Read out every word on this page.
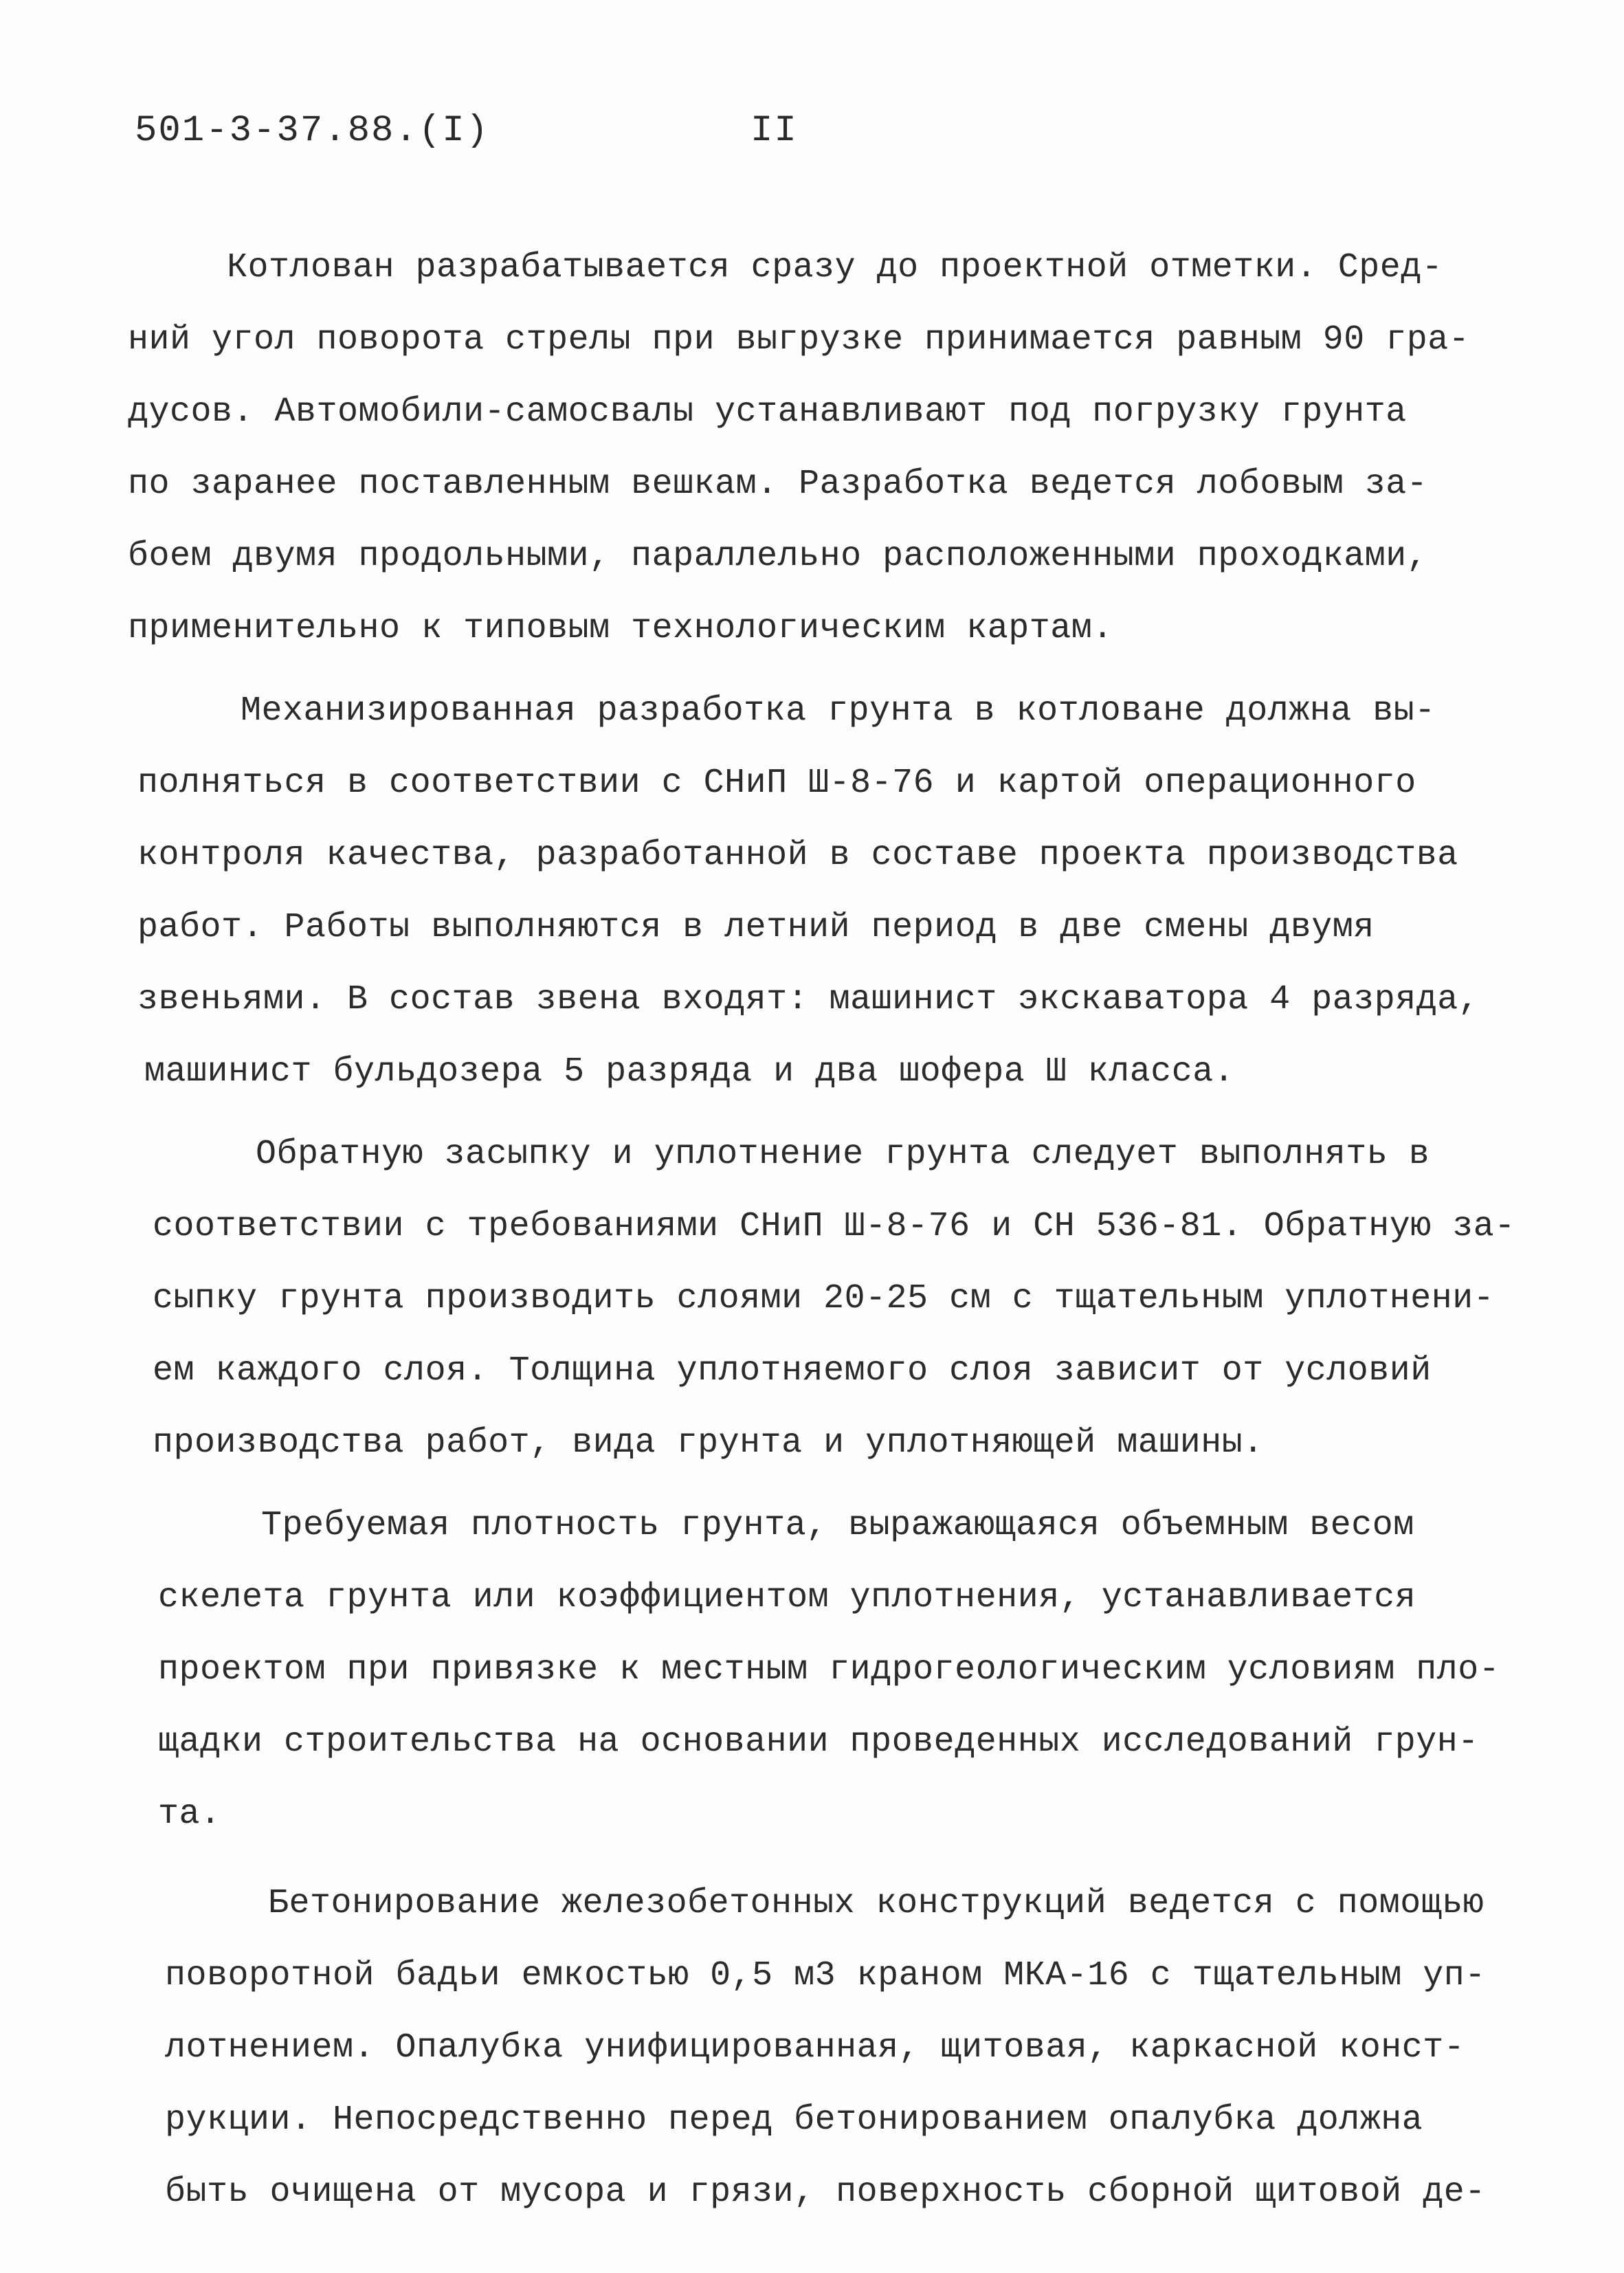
501-3-37.88.(I)	II
Котлован разрабатывается сразу до проектной отметки. Сред-
ний угол поворота стрелы при выгрузке принимается равным 90 гра-
дусов. Автомобили-самосвалы устанавливают под погрузку грунта
по заранее поставленным вешкам. Разработка ведется лобовым за-
боем двумя продольными, параллельно расположенными проходками,
применительно к типовым технологическим картам.
Механизированная разработка грунта в котловане должна вы-
полняться в соответствии с СНиП Ш-8-76 и картой операционного
контроля качества, разработанной в составе проекта производства
работ. Работы выполняются в летний период в две смены двумя
звеньями. В состав звена входят: машинист экскаватора 4 разряда,
машинист бульдозера 5 разряда и два шофера Ш класса.
Обратную засыпку и уплотнение грунта следует выполнять в
соответствии с требованиями СНиП Ш-8-76 и СН 536-81. Обратную за-
сыпку грунта производить слоями 20-25 см с тщательным уплотнени-
ем каждого слоя. Толщина уплотняемого слоя зависит от условий
производства работ, вида грунта и уплотняющей машины.
Требуемая плотность грунта, выражающаяся объемным весом
скелета грунта или коэффициентом уплотнения, устанавливается
проектом при привязке к местным гидрогеологическим условиям пло-
щадки строительства на основании проведенных исследований грун-
та.
Бетонирование железобетонных конструкций ведется с помощью
поворотной бадьи емкостью 0,5 м3 краном МКА-16 с тщательным уп-
лотнением. Опалубка унифицированная, щитовая, каркасной конст-
рукции. Непосредственно перед бетонированием опалубка должна
быть очищена от мусора и грязи, поверхность сборной щитовой де-
